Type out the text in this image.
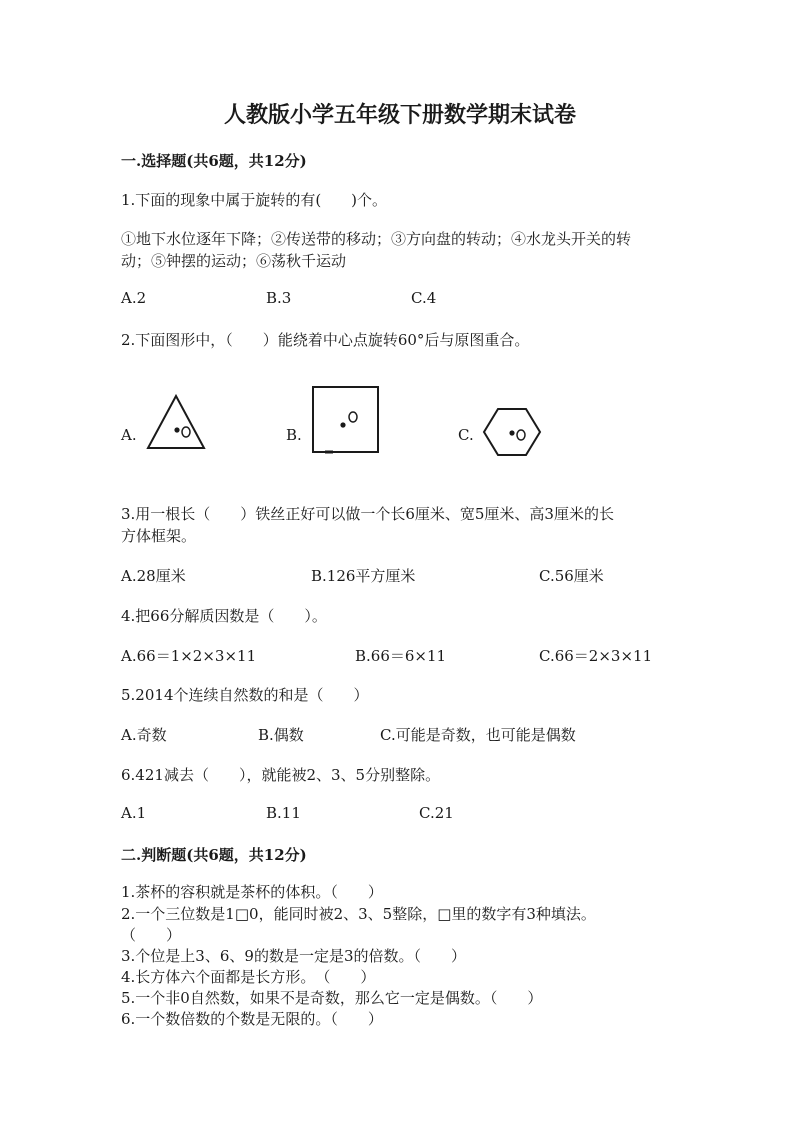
人教版小学五年级下册数学期末试卷
一.选择题(共6题，共12分)
1.下面的现象中属于旋转的有(　　)个。
①地下水位逐年下降；②传送带的移动；③方向盘的转动；④水龙头开关的转
动；⑤钟摆的运动；⑥荡秋千运动
A.2	B.3	C.4
2.下面图形中，（　　）能绕着中心点旋转60°后与原图重合。
A.	B.	C.
3.用一根长（　　）铁丝正好可以做一个长6厘米、宽5厘米、高3厘米的长
方体框架。
A.28厘米	B.126平方厘米	C.56厘米
4.把66分解质因数是（　　）。
A.66＝1×2×3×11	B.66＝6×11	C.66＝2×3×11
5.2014个连续自然数的和是（　　）
A.奇数	B.偶数	C.可能是奇数，也可能是偶数
6.421减去（　　），就能被2、3、5分别整除。
A.1	B.11	C.21
二.判断题(共6题，共12分)
1.茶杯的容积就是茶杯的体积。（　　）
2.一个三位数是1□0，能同时被2、3、5整除，□里的数字有3种填法。
（　　）
3.个位是上3、6、9的数是一定是3的倍数。（　　）
4.长方体六个面都是长方形。　（　　）
5.一个非0自然数，如果不是奇数，那么它一定是偶数。（　　）
6.一个数倍数的个数是无限的。（　　）
